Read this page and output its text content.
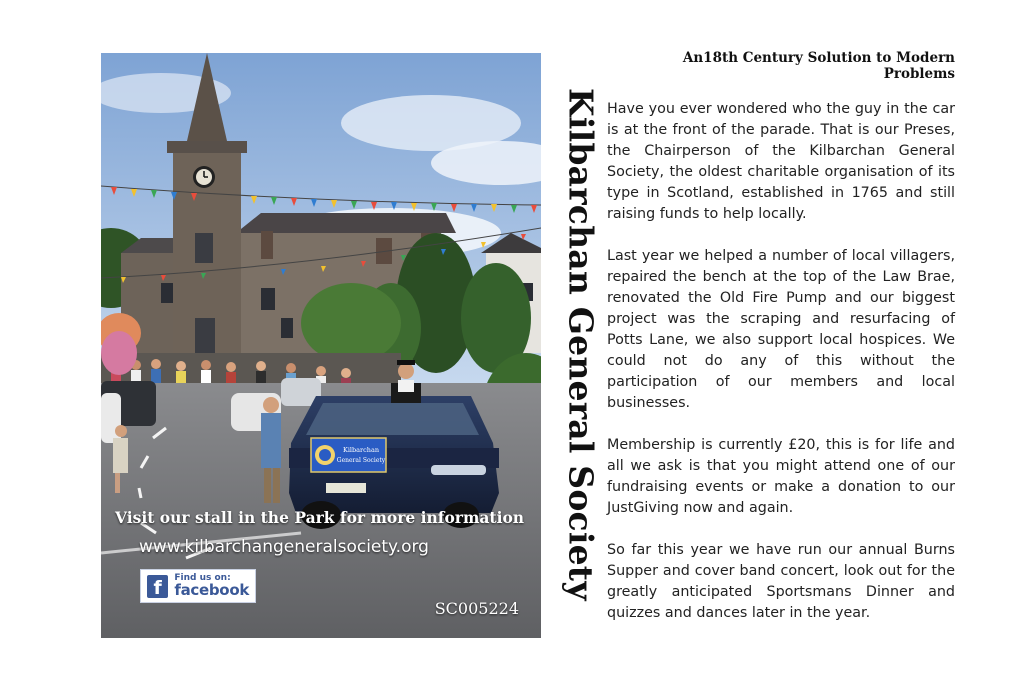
Kilbarchan
General Society
Visit our stall in the Park for more information
www.kilbarchangeneralsociety.org
f	Find us on:
facebook
SC005224
Kilbarchan General Society
An18th Century Solution to Modern Problems

Have you ever wondered who the guy in the car is at the front of the parade. That is our Preses, the Chairperson of the Kilbarchan General Society, the oldest charitable organisation of its type in Scotland, established in 1765 and still raising funds to help locally.

Last year we helped a number of local villagers, repaired the bench at the top of the Law Brae, renovated the Old Fire Pump and our biggest project was the scraping and resurfacing of Potts Lane, we also support local hospices. We could not do any of this without the participation of our members and local businesses.

Membership is currently £20, this is for life and all we ask is that you might attend one of our fundraising events or make a donation to our JustGiving now and again.

So far this year we have run our annual Burns Supper and cover band concert, look out for the greatly anticipated Sportsmans Dinner and quizzes and dances later in the year.
